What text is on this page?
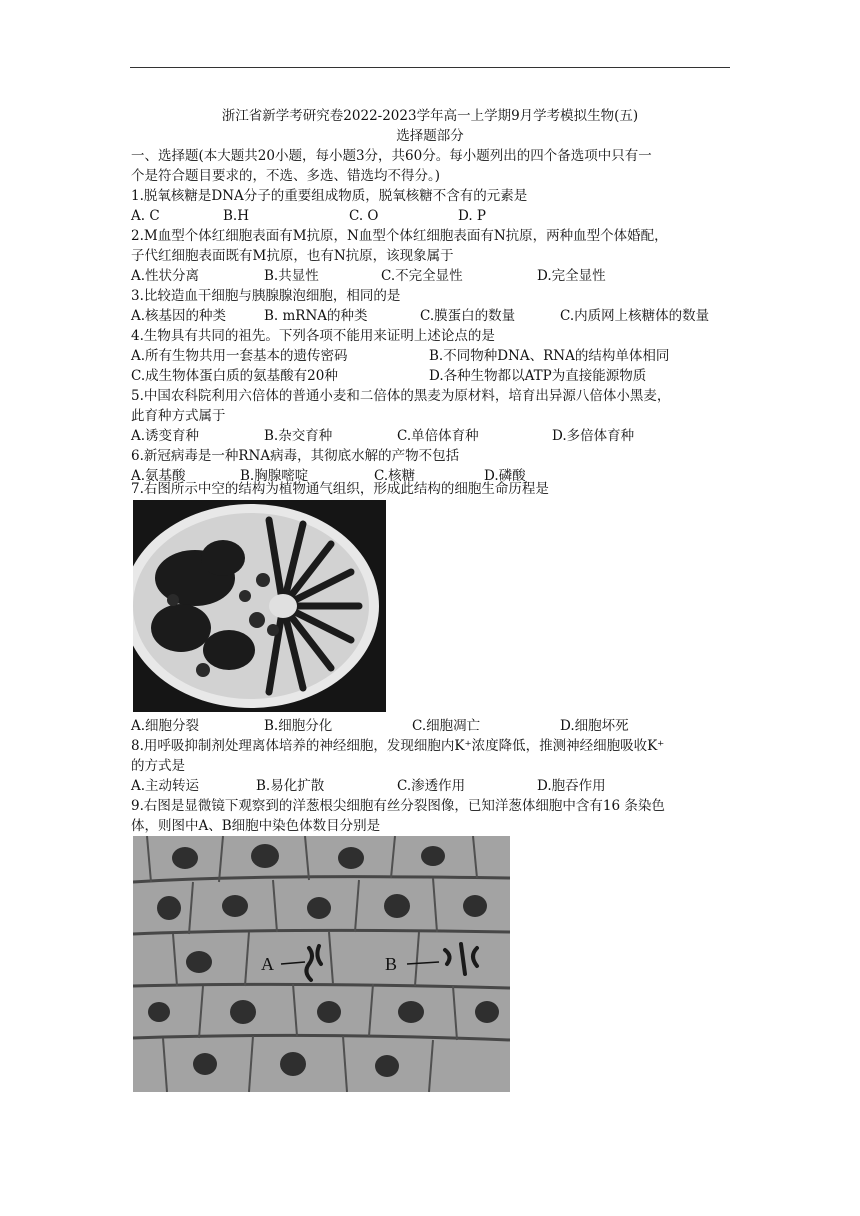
浙江省新学考研究卷2022-2023学年高一上学期9月学考模拟生物(五)
选择题部分
一、选择题(本大题共20小题，每小题3分，共60分。每小题列出的四个备选项中只有一
个是符合题目要求的，不选、多选、错选均不得分。)
1.脱氧核糖是DNA分子的重要组成物质，脱氧核糖不含有的元素是
A. C	B.H	C. O	D. P
2.M血型个体红细胞表面有M抗原，N血型个体红细胞表面有N抗原，两种血型个体婚配，
子代红细胞表面既有M抗原，也有N抗原，该现象属于
A.性状分离	B.共显性	C.不完全显性	D.完全显性
3.比较造血干细胞与胰腺腺泡细胞，相同的是
A.核基因的种类	B. mRNA的种类	C.膜蛋白的数量	C.内质网上核糖体的数量
4.生物具有共同的祖先。下列各项不能用来证明上述论点的是
A.所有生物共用一套基本的遗传密码	B.不同物种DNA、RNA的结构单体相同
C.成生物体蛋白质的氨基酸有20种	D.各种生物都以ATP为直接能源物质
5.中国农科院利用六倍体的普通小麦和二倍体的黑麦为原材料，培育出异源八倍体小黑麦，
此育种方式属于
A.诱变育种	B.杂交育种	C.单倍体育种	D.多倍体育种
6.新冠病毒是一种RNA病毒，其彻底水解的产物不包括
A.氨基酸	B.胸腺嘧啶	C.核糖	D.磷酸
7.右图所示中空的结构为植物通气组织，形成此结构的细胞生命历程是
A.细胞分裂	B.细胞分化	C.细胞凋亡	D.细胞坏死
8.用呼吸抑制剂处理离体培养的神经细胞，发现细胞内K⁺浓度降低，推测神经细胞吸收K⁺
的方式是
A.主动转运	B.易化扩散	C.渗透作用	D.胞吞作用
9.右图是显微镜下观察到的洋葱根尖细胞有丝分裂图像，已知洋葱体细胞中含有16 条染色
体，则图中A、B细胞中染色体数目分别是
A	B
